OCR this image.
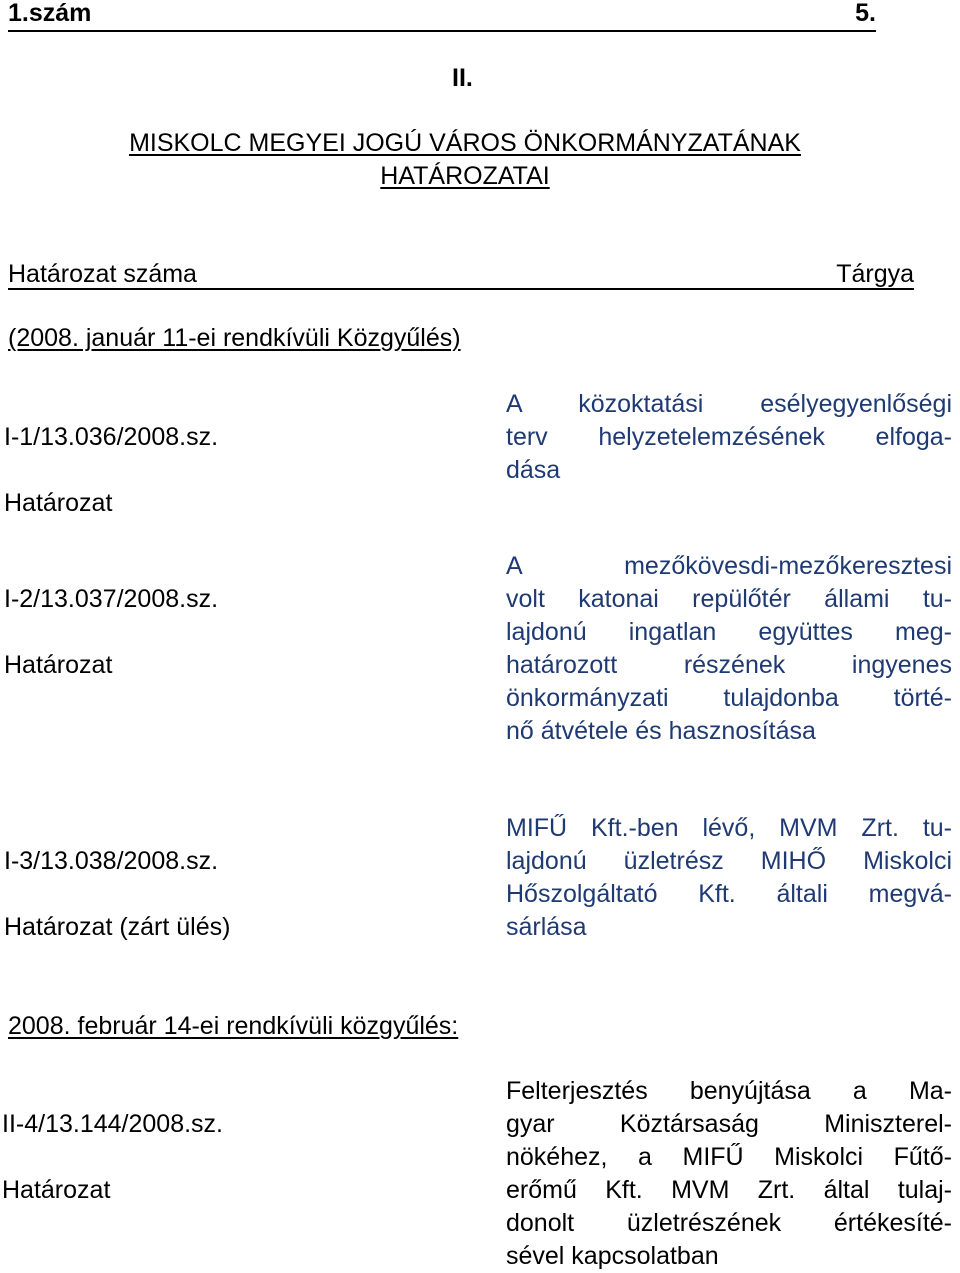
1.szám	5.
II.
MISKOLC MEGYEI JOGÚ VÁROS ÖNKORMÁNYZATÁNAK
HATÁROZATAI
Határozat száma	Tárgya
(2008. január 11-ei rendkívüli Közgyűlés)

I-1/13.036/2008.sz.

Határozat

A közoktatási esélyegyenlőségi
terv helyzetelemzésének elfoga-
dása

I-2/13.037/2008.sz.

Határozat

A mezőkövesdi-mezőkeresztesi
volt katonai repülőtér állami tu-
lajdonú ingatlan együttes meg-
határozott részének ingyenes
önkormányzati tulajdonba törté-
nő átvétele és hasznosítása

I-3/13.038/2008.sz.

Határozat (zárt ülés)

MIFŰ Kft.-ben lévő, MVM Zrt. tu-
lajdonú üzletrész MIHŐ Miskolci
Hőszolgáltató Kft. általi megvá-
sárlása
2008. február 14-ei rendkívüli közgyűlés:

II-4/13.144/2008.sz.

Határozat

Felterjesztés benyújtása a Ma-
gyar Köztársaság Miniszterel-
nökéhez, a MIFŰ Miskolci Fűtő-
erőmű Kft. MVM Zrt. által tulaj-
donolt üzletrészének értékesíté-
sével kapcsolatban
